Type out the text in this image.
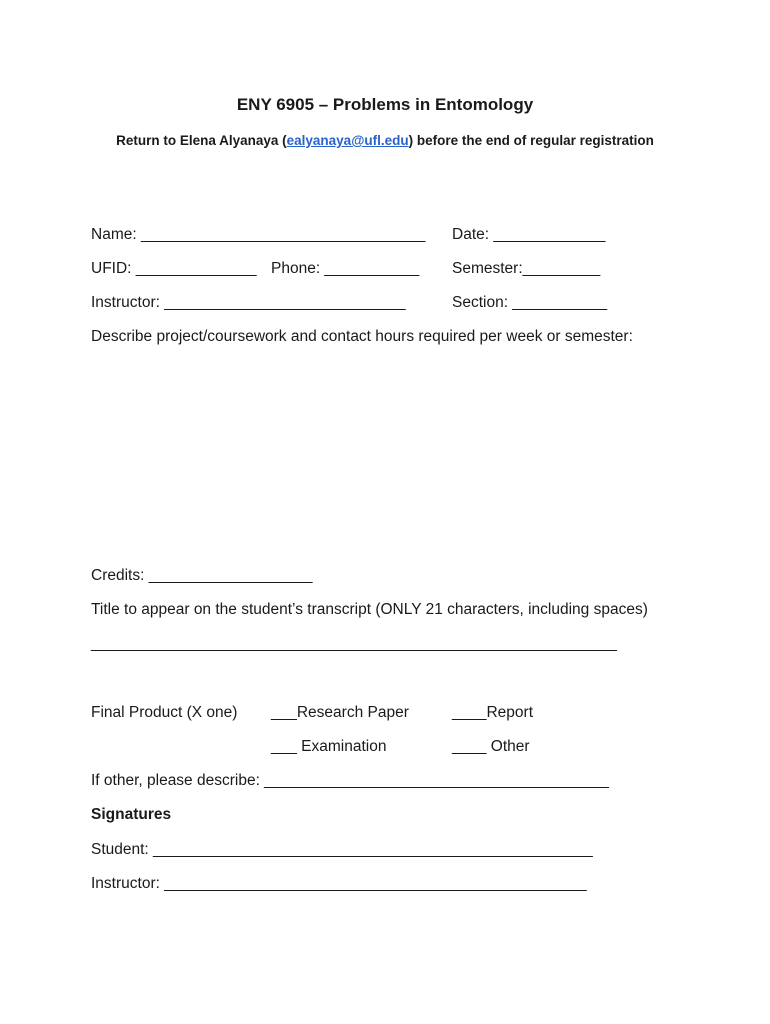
ENY 6905 – Problems in Entomology
Return to Elena Alyanaya (ealyanaya@ufl.edu) before the end of regular registration
Name: _________________________________ Date: _____________
UFID: ______________ Phone: ___________ Semester:_________
Instructor: ____________________________	Section: ___________
Describe project/coursework and contact hours required per week or semester:
Credits: ___________________
Title to appear on the student’s transcript (ONLY 21 characters, including spaces)
_____________________________________________________________
Final Product (X one) ___Research Paper	____Report
___ Examination	____ Other
If other, please describe: ________________________________________
Signatures
Student: ___________________________________________________
Instructor: _________________________________________________
